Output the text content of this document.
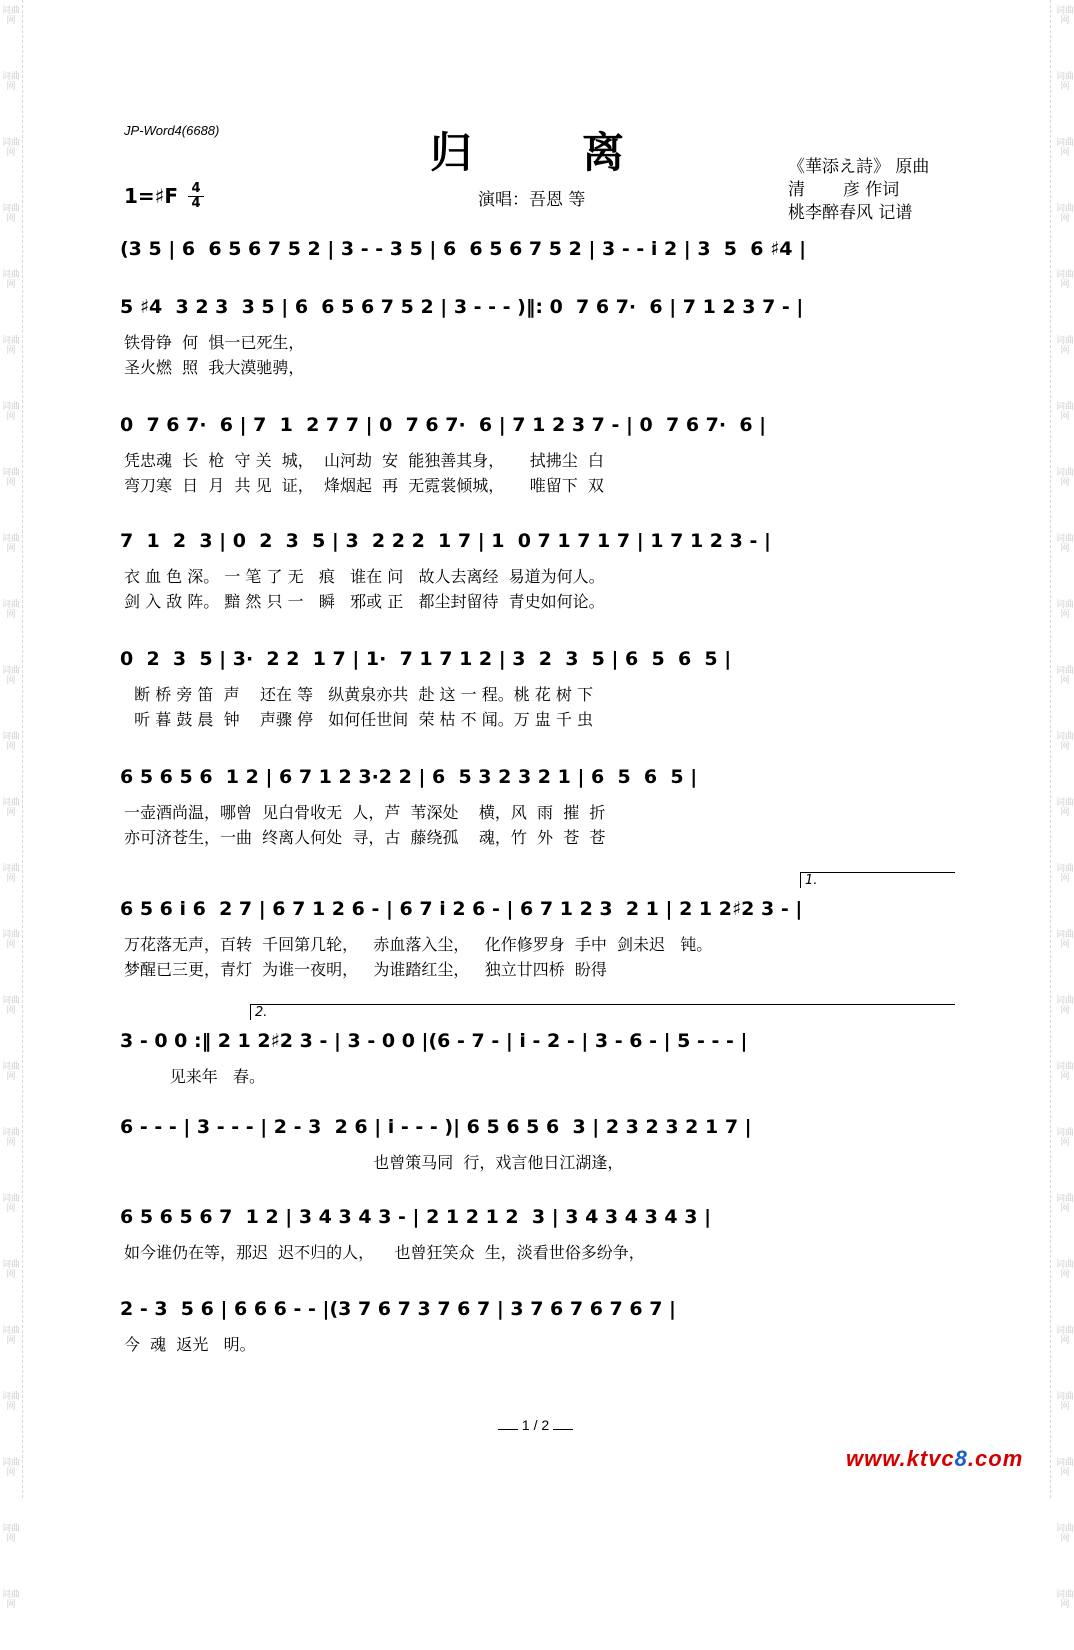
词曲网
词曲网
词曲网
词曲网
词曲网
词曲网
词曲网
词曲网
词曲网
词曲网
词曲网
词曲网
词曲网
词曲网
词曲网
词曲网
词曲网
词曲网
词曲网
词曲网
词曲网
词曲网
词曲网
词曲网
词曲网
词曲网
词曲网
词曲网
词曲网
词曲网
词曲网
词曲网
词曲网
词曲网
词曲网
词曲网
词曲网
词曲网
词曲网
词曲网
词曲网
词曲网
词曲网
词曲网
词曲网
词曲网
词曲网
词曲网
词曲网
词曲网
JP-Word4(6688)	归离
1=♯F $\frac{4}{4}$	演唱：吾恩 等
《華添え詩》 原曲
清       彦 作词
桃李醉春风 记谱
(3 5 | 6  6 5 6 7 5 2 | 3 - - 3 5 | 6  6 5 6 7 5 2 | 3 - - i 2 | 3  5  6 ♯4 |
5 ♯4  3 2 3  3 5 | 6  6 5 6 7 5 2 | 3 - - - )‖: 0  7 6 7·  6 | 7 1 2 3 7 - |
铁骨铮  何  惧一已死生，
圣火燃  照  我大漠驰骋，
0  7 6 7·  6 | 7  1  2 7 7 | 0  7 6 7·  6 | 7 1 2 3 7 - | 0  7 6 7·  6 |
凭忠魂  长  枪  守 关  城，  山河劫  安  能独善其身，     拭拂尘  白
弯刀寒  日  月  共 见  证，  烽烟起  再  无霓裳倾城，     唯留下  双
7  1  2  3 | 0  2  3  5 | 3  2 2 2  1 7 | 1  0 7 1 7 1 7 | 1 7 1 2 3 - |
衣 血 色 深。 一 笔 了 无   痕   谁在 问   故人去离经  易道为何人。
剑 入 敌 阵。 黯 然 只 一   瞬   邪或 正   都尘封留待  青史如何论。
0  2  3  5 | 3·  2 2  1 7 | 1·  7 1 7 1 2 | 3  2  3  5 | 6  5  6  5 |
断 桥 旁 笛  声    还在 等   纵黄泉亦共  赴 这 一 程。桃 花 树 下
听 暮 鼓 晨  钟    声骤 停   如何任世间  荣 枯 不 闻。万 盅 千 虫
6 5 6 5 6  1 2 | 6 7 1 2 3·2 2 | 6  5 3 2 3 2 1 | 6  5  6  5 |
一壶酒尚温，哪曾  见白骨收无  人，芦  苇深处    横，风  雨  摧  折
亦可济苍生，一曲  终离人何处  寻，古  藤绕孤    魂，竹  外  苍  苍
6 5 6 i 6  2 7 | 6 7 1 2 6 - | 6 7 i 2 6 - | 6 7 1 2 3  2 1 | 2 1 2♯2 3 - |
1.
万花落无声，百转  千回第几轮，   赤血落入尘，   化作修罗身  手中  剑未迟   钝。
梦醒已三更，青灯  为谁一夜明，   为谁踏红尘，   独立廿四桥  盼得
3 - 0 0 :‖ 2 1 2♯2 3 - | 3 - 0 0 |(6 - 7 - | i - 2 - | 3 - 6 - | 5 - - - |
2.
见来年   春。
6 - - - | 3 - - - | 2 - 3  2 6 | i - - - )| 6 5 6 5 6  3 | 2 3 2 3 2 1 7 |
也曾策马同  行，戏言他日江湖逢，
6 5 6 5 6 7  1 2 | 3 4 3 4 3 - | 2 1 2 1 2  3 | 3 4 3 4 3 4 3 |
如今谁仍在等，那迟  迟不归的人，    也曾狂笑众  生，淡看世俗多纷争，
2 - 3  5 6 | 6 6 6 - - |(3 7 6 7 3 7 6 7 | 3 7 6 7 6 7 6 7 |
今  魂  返光   明。
1 / 2
www.ktvc8.com
